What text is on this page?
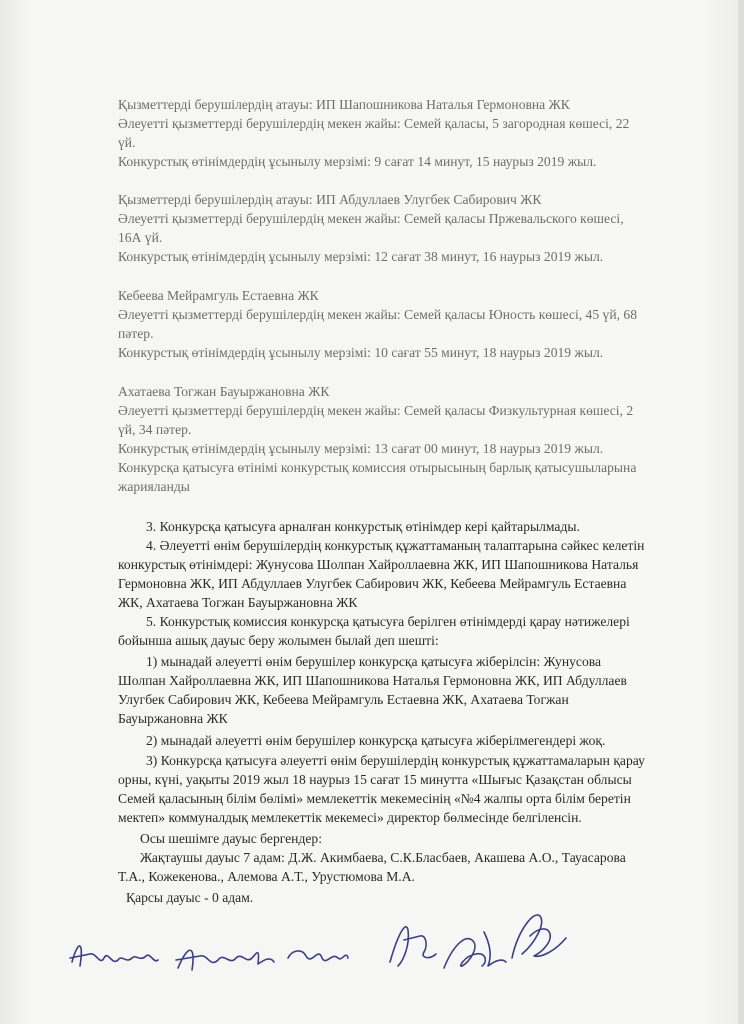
Қызметтерді берушілердің атауы: ИП Шапошникова Наталья Гермоновна ЖК
Әлеуетті қызметтерді берушілердің мекен жайы: Семей қаласы, 5 загородная көшесі, 22
үй.
Конкурстық өтінімдердің ұсынылу мерзімі: 9 сағат 14 минут, 15 наурыз 2019 жыл.
Қызметтерді берушілердің атауы: ИП Абдуллаев Улугбек Сабирович ЖК
Әлеуетті қызметтерді берушілердің мекен жайы: Семей қаласы Пржевальского көшесі,
16А үй.
Конкурстық өтінімдердің ұсынылу мерзімі: 12 сағат 38 минут, 16 наурыз 2019 жыл.
Кебеева Мейрамгуль Естаевна ЖК
Әлеуетті қызметтерді берушілердің мекен жайы: Семей қаласы Юность көшесі, 45 үй, 68
пәтер.
Конкурстық өтінімдердің ұсынылу мерзімі: 10 сағат 55 минут, 18 наурыз 2019 жыл.
Ахатаева Тогжан Бауыржановна ЖК
Әлеуетті қызметтерді берушілердің мекен жайы: Семей қаласы Физкультурная көшесі, 2
үй, 34 пәтер.
Конкурстық өтінімдердің ұсынылу мерзімі: 13 сағат 00 минут, 18 наурыз 2019 жыл.
Конкурсқа қатысуға өтінімі конкурстық комиссия отырысының барлық қатысушыларына
жарияланды
3. Конкурсқа қатысуға арналған конкурстық өтінімдер кері қайтарылмады.
4. Әлеуетті өнім берушілердің конкурстық құжаттаманың талаптарына сәйкес келетін
конкурстық өтінімдері: Жунусова Шолпан Хайроллаевна ЖК, ИП Шапошникова Наталья
Гермоновна ЖК, ИП Абдуллаев Улугбек Сабирович ЖК, Кебеева Мейрамгуль Естаевна
ЖК, Ахатаева Тогжан Бауыржановна ЖК
5. Конкурстық комиссия конкурсқа қатысуға берілген өтінімдерді қарау нәтижелері
бойынша ашық дауыс беру жолымен былай деп шешті:
1) мынадай әлеуетті өнім берушілер конкурсқа қатысуға жіберілсін: Жунусова
Шолпан Хайроллаевна ЖК, ИП Шапошникова Наталья Гермоновна ЖК, ИП Абдуллаев
Улугбек Сабирович ЖК, Кебеева Мейрамгуль Естаевна ЖК, Ахатаева Тогжан
Бауыржановна ЖК
2) мынадай әлеуетті өнім берушілер конкурсқа қатысуға жіберілмегендері жоқ.
3) Конкурсқа қатысуға әлеуетті өнім берушілердің конкурстық құжаттамаларын қарау
орны, күні, уақыты 2019 жыл 18 наурыз 15 сағат 15 минутта «Шығыс Қазақстан облысы
Семей қаласының білім бөлімі» мемлекеттік мекемесінің «№4 жалпы орта білім беретін
мектеп» коммуналдық мемлекеттік мекемесі» директор бөлмесінде белгіленсін.
Осы шешімге дауыс бергендер:
Жақтаушы дауыс 7 адам: Д.Ж. Акимбаева, С.К.Бласбаев, Акашева А.О., Тауасарова
Т.А., Кожекенова., Алемова А.Т., Урустюмова М.А.
Қарсы дауыс - 0 адам.
